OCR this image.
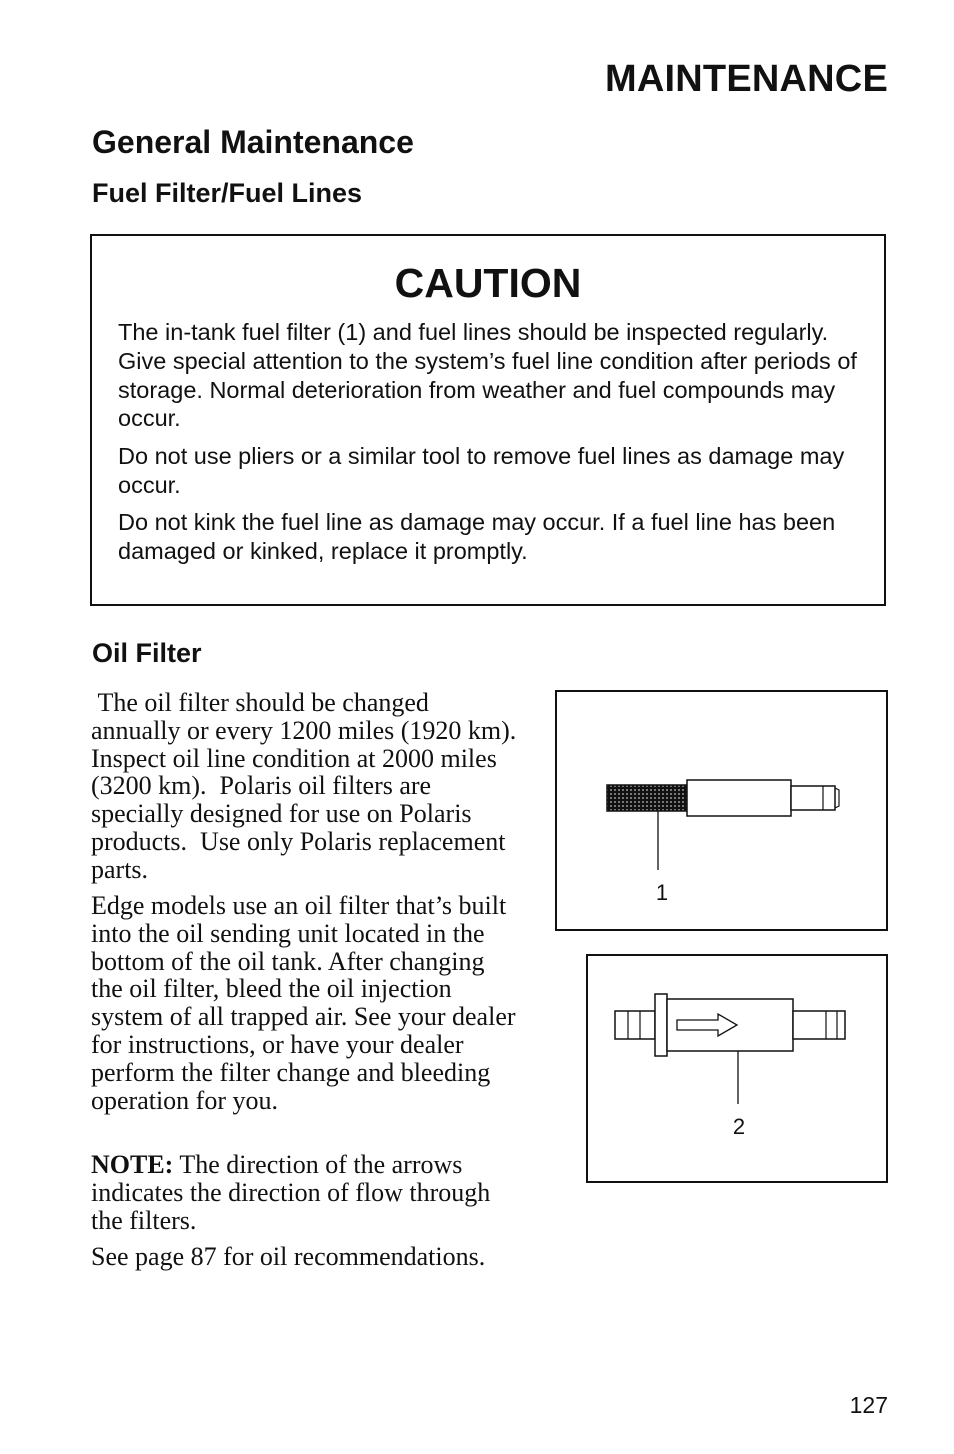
MAINTENANCE
General Maintenance
Fuel Filter/Fuel Lines
CAUTION

The in-tank fuel filter (1) and fuel lines should be inspected regularly. Give special attention to the system’s fuel line condition after periods of storage. Normal deterioration from weather and fuel compounds may occur.

Do not use pliers or a similar tool to remove fuel lines as damage may occur.

Do not kink the fuel line as damage may occur. If a fuel line has been damaged or kinked, replace it promptly.

Oil Filter

The oil filter should be changed annually or every 1200 miles (1920 km).  Inspect oil line condition at 2000 miles (3200 km).  Polaris oil filters are specially designed for use on Polaris products.  Use only Polaris replacement parts.

Edge models use an oil filter that’s built into the oil sending unit located in the bottom of the oil tank. After changing the oil filter, bleed the oil injection system of all trapped air. See your dealer for instructions, or have your dealer perform the filter change and bleeding operation for you.

NOTE: The direction of the arrows indicates the direction of flow through the filters.

See page 87 for oil recommendations.

1
2
127
